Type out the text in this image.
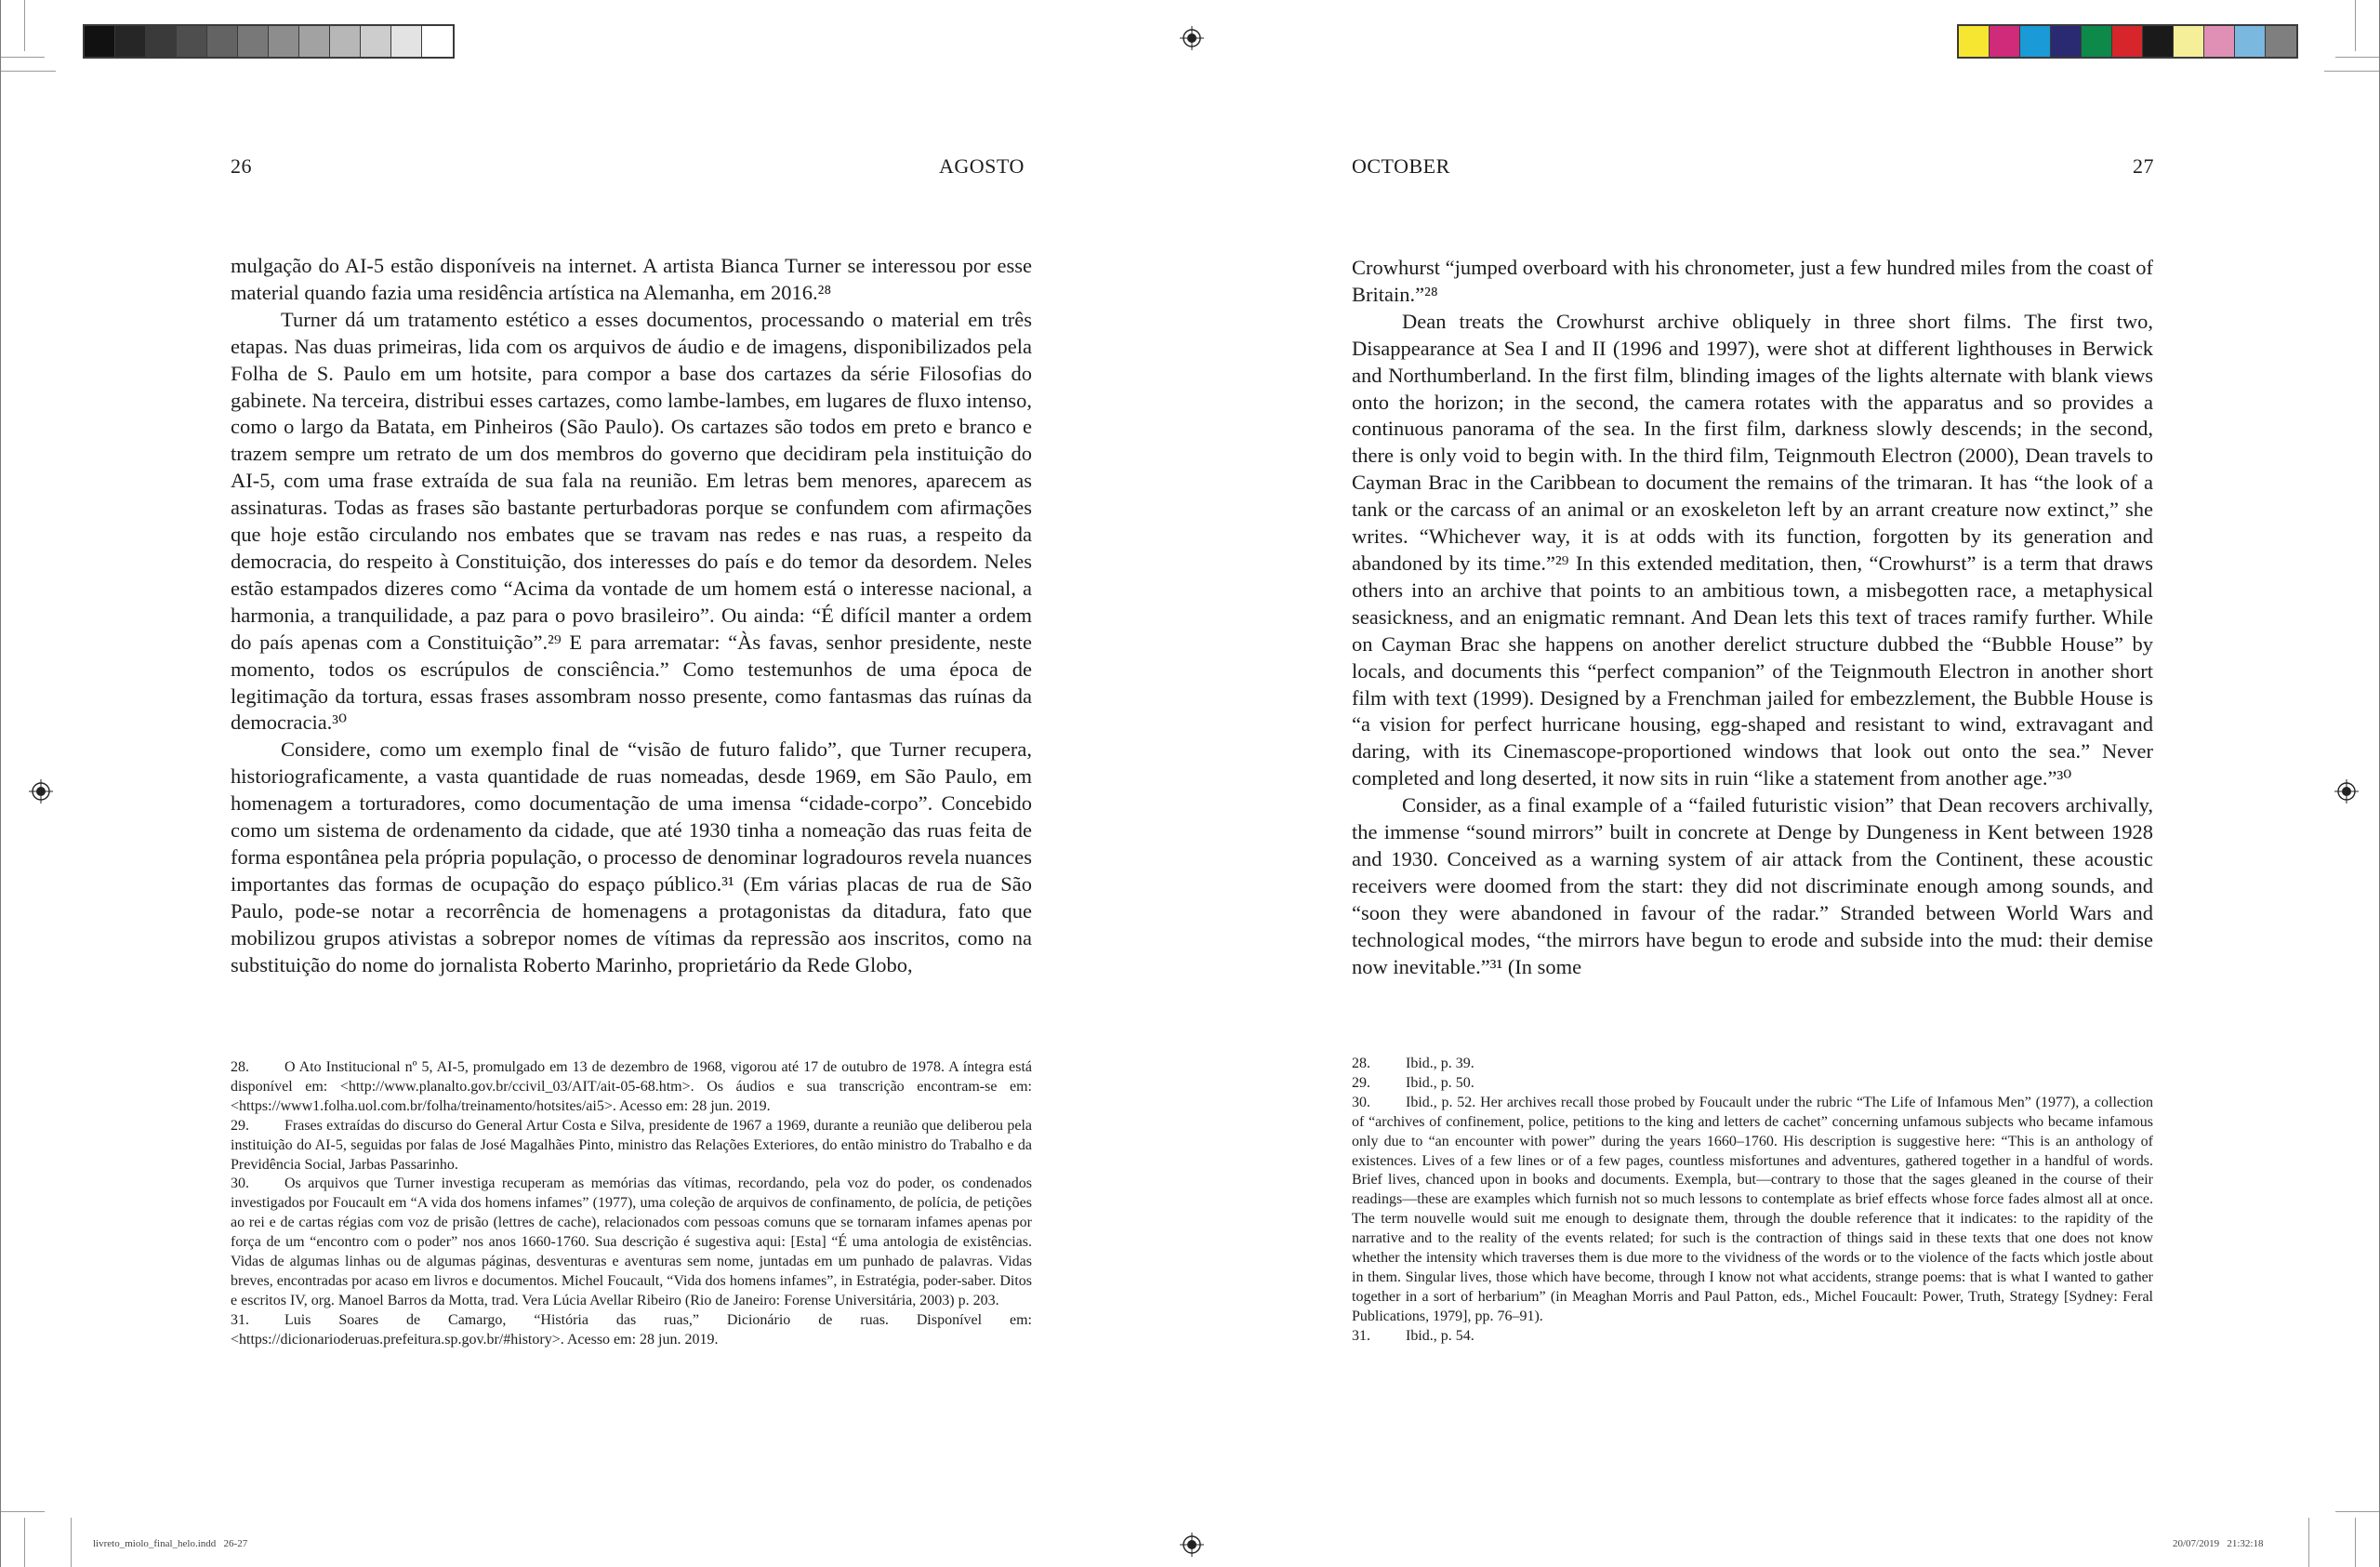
26	AGOSTO

mulgação do AI-5 estão disponíveis na internet. A artista Bianca Turner se interessou por esse material quando fazia uma residência artística na Alemanha, em 2016.²⁸

Turner dá um tratamento estético a esses documentos, processando o material em três etapas. Nas duas primeiras, lida com os arquivos de áudio e de imagens, disponibilizados pela Folha de S. Paulo em um hotsite, para compor a base dos cartazes da série Filosofias do gabinete. Na terceira, distribui esses cartazes, como lambe-lambes, em lugares de fluxo intenso, como o largo da Batata, em Pinheiros (São Paulo). Os cartazes são todos em preto e branco e trazem sempre um retrato de um dos membros do governo que decidiram pela instituição do AI-5, com uma frase extraída de sua fala na reunião. Em letras bem menores, aparecem as assinaturas. Todas as frases são bastante perturbadoras porque se confundem com afirmações que hoje estão circulando nos embates que se travam nas redes e nas ruas, a respeito da democracia, do respeito à Constituição, dos interesses do país e do temor da desordem. Neles estão estampados dizeres como “Acima da vontade de um homem está o interesse nacional, a harmonia, a tranquilidade, a paz para o povo brasileiro”. Ou ainda: “É difícil manter a ordem do país apenas com a Constituição”.²⁹ E para arrematar: “Às favas, senhor presidente, neste momento, todos os escrúpulos de consciência.” Como testemunhos de uma época de legitimação da tortura, essas frases assombram nosso presente, como fantasmas das ruínas da democracia.³⁰

Considere, como um exemplo final de “visão de futuro falido”, que Turner recupera, historiograficamente, a vasta quantidade de ruas nomeadas, desde 1969, em São Paulo, em homenagem a torturadores, como documentação de uma imensa “cidade-corpo”. Concebido como um sistema de ordenamento da cidade, que até 1930 tinha a nomeação das ruas feita de forma espontânea pela própria população, o processo de denominar logradouros revela nuances importantes das formas de ocupação do espaço público.³¹ (Em várias placas de rua de São Paulo, pode-se notar a recorrência de homenagens a protagonistas da ditadura, fato que mobilizou grupos ativistas a sobrepor nomes de vítimas da repressão aos inscritos, como na substituição do nome do jornalista Roberto Marinho, proprietário da Rede Globo,

28. O Ato Institucional nº 5, AI-5, promulgado em 13 de dezembro de 1968, vigorou até 17 de outubro de 1978. A íntegra está disponível em: <http://www.planalto.gov.br/ccivil_03/AIT/ait-05-68.htm>. Os áudios e sua transcrição encontram-se em: <https://www1.folha.uol.com.br/folha/treinamento/hotsites/ai5>. Acesso em: 28 jun. 2019.

29. Frases extraídas do discurso do General Artur Costa e Silva, presidente de 1967 a 1969, durante a reunião que deliberou pela instituição do AI-5, seguidas por falas de José Magalhães Pinto, ministro das Relações Exteriores, do então ministro do Trabalho e da Previdência Social, Jarbas Passarinho.

30. Os arquivos que Turner investiga recuperam as memórias das vítimas, recordando, pela voz do poder, os condenados investigados por Foucault em “A vida dos homens infames” (1977), uma coleção de arquivos de confinamento, de polícia, de petições ao rei e de cartas régias com voz de prisão (lettres de cache), relacionados com pessoas comuns que se tornaram infames apenas por força de um “encontro com o poder” nos anos 1660-1760. Sua descrição é sugestiva aqui: [Esta] “É uma antologia de existências. Vidas de algumas linhas ou de algumas páginas, desventuras e aventuras sem nome, juntadas em um punhado de palavras. Vidas breves, encontradas por acaso em livros e documentos. Michel Foucault, “Vida dos homens infames”, in Estratégia, poder-saber. Ditos e escritos IV, org. Manoel Barros da Motta, trad. Vera Lúcia Avellar Ribeiro (Rio de Janeiro: Forense Universitária, 2003) p. 203.

31. Luis Soares de Camargo, “História das ruas,” Dicionário de ruas. Disponível em: <https://dicionarioderuas.prefeitura.sp.gov.br/#history>. Acesso em: 28 jun. 2019.

OCTOBER	27

Crowhurst “jumped overboard with his chronometer, just a few hundred miles from the coast of Britain.”²⁸

Dean treats the Crowhurst archive obliquely in three short films. The first two, Disappearance at Sea I and II (1996 and 1997), were shot at different lighthouses in Berwick and Northumberland. In the first film, blinding images of the lights alternate with blank views onto the horizon; in the second, the camera rotates with the apparatus and so provides a continuous panorama of the sea. In the first film, darkness slowly descends; in the second, there is only void to begin with. In the third film, Teignmouth Electron (2000), Dean travels to Cayman Brac in the Caribbean to document the remains of the trimaran. It has “the look of a tank or the carcass of an animal or an exoskeleton left by an arrant creature now extinct,” she writes. “Whichever way, it is at odds with its function, forgotten by its generation and abandoned by its time.”²⁹ In this extended meditation, then, “Crowhurst” is a term that draws others into an archive that points to an ambitious town, a misbegotten race, a metaphysical seasickness, and an enigmatic remnant. And Dean lets this text of traces ramify further. While on Cayman Brac she happens on another derelict structure dubbed the “Bubble House” by locals, and documents this “perfect companion” of the Teignmouth Electron in another short film with text (1999). Designed by a Frenchman jailed for embezzlement, the Bubble House is “a vision for perfect hurricane housing, egg-shaped and resistant to wind, extravagant and daring, with its Cinemascope-proportioned windows that look out onto the sea.” Never completed and long deserted, it now sits in ruin “like a statement from another age.”³⁰

Consider, as a final example of a “failed futuristic vision” that Dean recovers archivally, the immense “sound mirrors” built in concrete at Denge by Dungeness in Kent between 1928 and 1930. Conceived as a warning system of air attack from the Continent, these acoustic receivers were doomed from the start: they did not discriminate enough among sounds, and “soon they were abandoned in favour of the radar.” Stranded between World Wars and technological modes, “the mirrors have begun to erode and subside into the mud: their demise now inevitable.”³¹ (In some

28. Ibid., p. 39.

29. Ibid., p. 50.

30. Ibid., p. 52. Her archives recall those probed by Foucault under the rubric “The Life of Infamous Men” (1977), a collection of “archives of confinement, police, petitions to the king and letters de cachet” concerning unfamous subjects who became infamous only due to “an encounter with power” during the years 1660–1760. His description is suggestive here: “This is an anthology of existences. Lives of a few lines or of a few pages, countless misfortunes and adventures, gathered together in a handful of words. Brief lives, chanced upon in books and documents. Exempla, but—contrary to those that the sages gleaned in the course of their readings—these are examples which furnish not so much lessons to contemplate as brief effects whose force fades almost all at once. The term nouvelle would suit me enough to designate them, through the double reference that it indicates: to the rapidity of the narrative and to the reality of the events related; for such is the contraction of things said in these texts that one does not know whether the intensity which traverses them is due more to the vividness of the words or to the violence of the facts which jostle about in them. Singular lives, those which have become, through I know not what accidents, strange poems: that is what I wanted to gather together in a sort of herbarium” (in Meaghan Morris and Paul Patton, eds., Michel Foucault: Power, Truth, Strategy [Sydney: Feral Publications, 1979], pp. 76–91).

31. Ibid., p. 54.

livreto_miolo_final_helo.indd   26-27	20/07/2019   21:32:18
